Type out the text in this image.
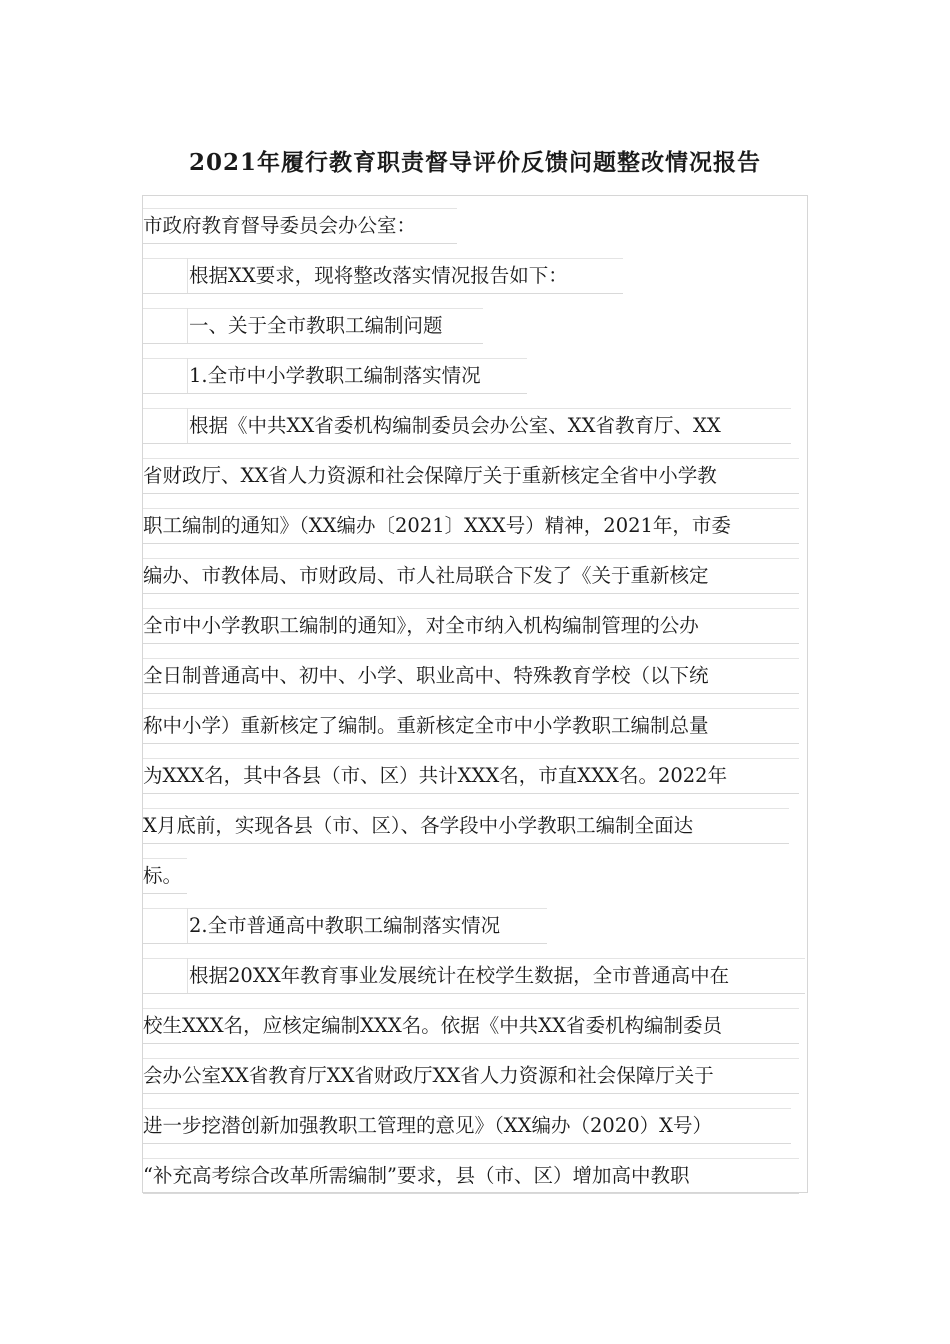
2021年履行教育职责督导评价反馈问题整改情况报告
市政府教育督导委员会办公室：
根据XX要求，现将整改落实情况报告如下：
一、关于全市教职工编制问题
1.全市中小学教职工编制落实情况
根据《中共XX省委机构编制委员会办公室、XX省教育厅、XX
省财政厅、XX省人力资源和社会保障厅关于重新核定全省中小学教
职工编制的通知》（XX编办〔2021〕XXX号）精神，2021年，市委
编办、市教体局、市财政局、市人社局联合下发了《关于重新核定
全市中小学教职工编制的通知》，对全市纳入机构编制管理的公办
全日制普通高中、初中、小学、职业高中、特殊教育学校（以下统
称中小学）重新核定了编制。重新核定全市中小学教职工编制总量
为XXX名，其中各县（市、区）共计XXX名，市直XXX名。2022年
X月底前，实现各县（市、区）、各学段中小学教职工编制全面达
标。
2.全市普通高中教职工编制落实情况
根据20XX年教育事业发展统计在校学生数据，全市普通高中在
校生XXX名，应核定编制XXX名。依据《中共XX省委机构编制委员
会办公室XX省教育厅XX省财政厅XX省人力资源和社会保障厅关于
进一步挖潜创新加强教职工管理的意见》（XX编办（2020）X号）
“补充高考综合改革所需编制”要求，县（市、区）增加高中教职
